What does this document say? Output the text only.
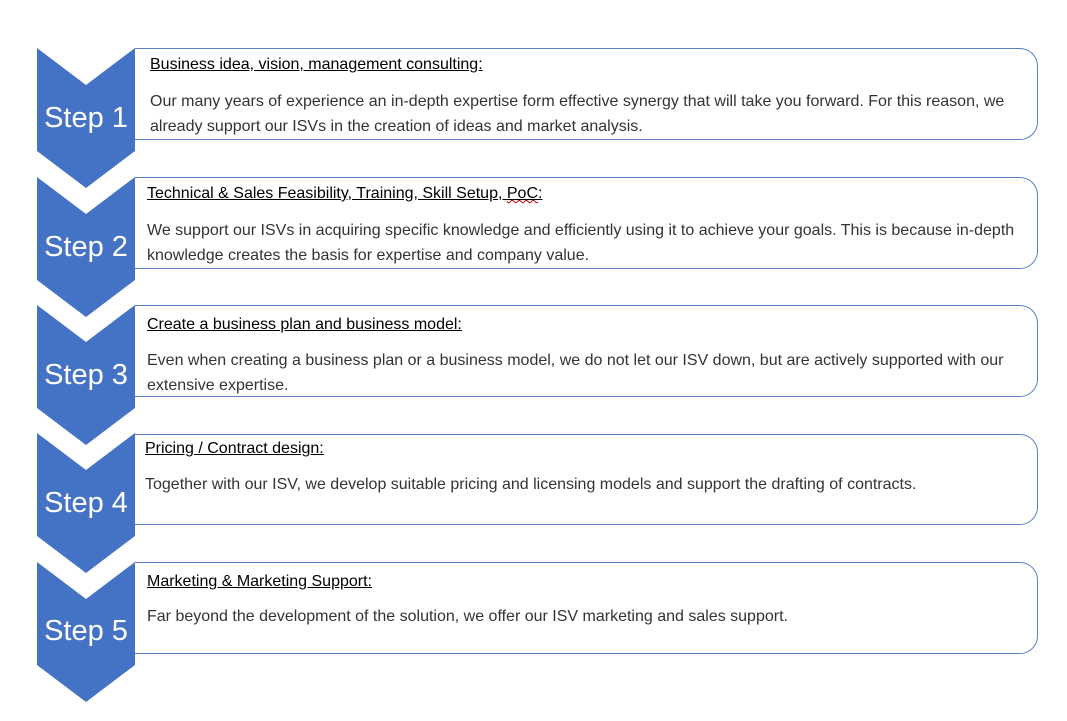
Step 1
Business idea, vision, management consulting:
Our many years of experience an in-depth expertise form effective synergy that will take you forward. For this reason, we already support our ISVs in the creation of ideas and market analysis.
Step 2
Technical & Sales Feasibility, Training, Skill Setup, PoC:
We support our ISVs in acquiring specific knowledge and efficiently using it to achieve your goals. This is because in-depth knowledge creates the basis for expertise and company value.
Step 3
Create a business plan and business model:
Even when creating a business plan or a business model, we do not let our ISV down, but are actively supported with our extensive expertise.
Step 4
Pricing / Contract design:
Together with our ISV, we develop suitable pricing and licensing models and support the drafting of contracts.
Step 5
Marketing & Marketing Support:
Far beyond the development of the solution, we offer our ISV marketing and sales support.
